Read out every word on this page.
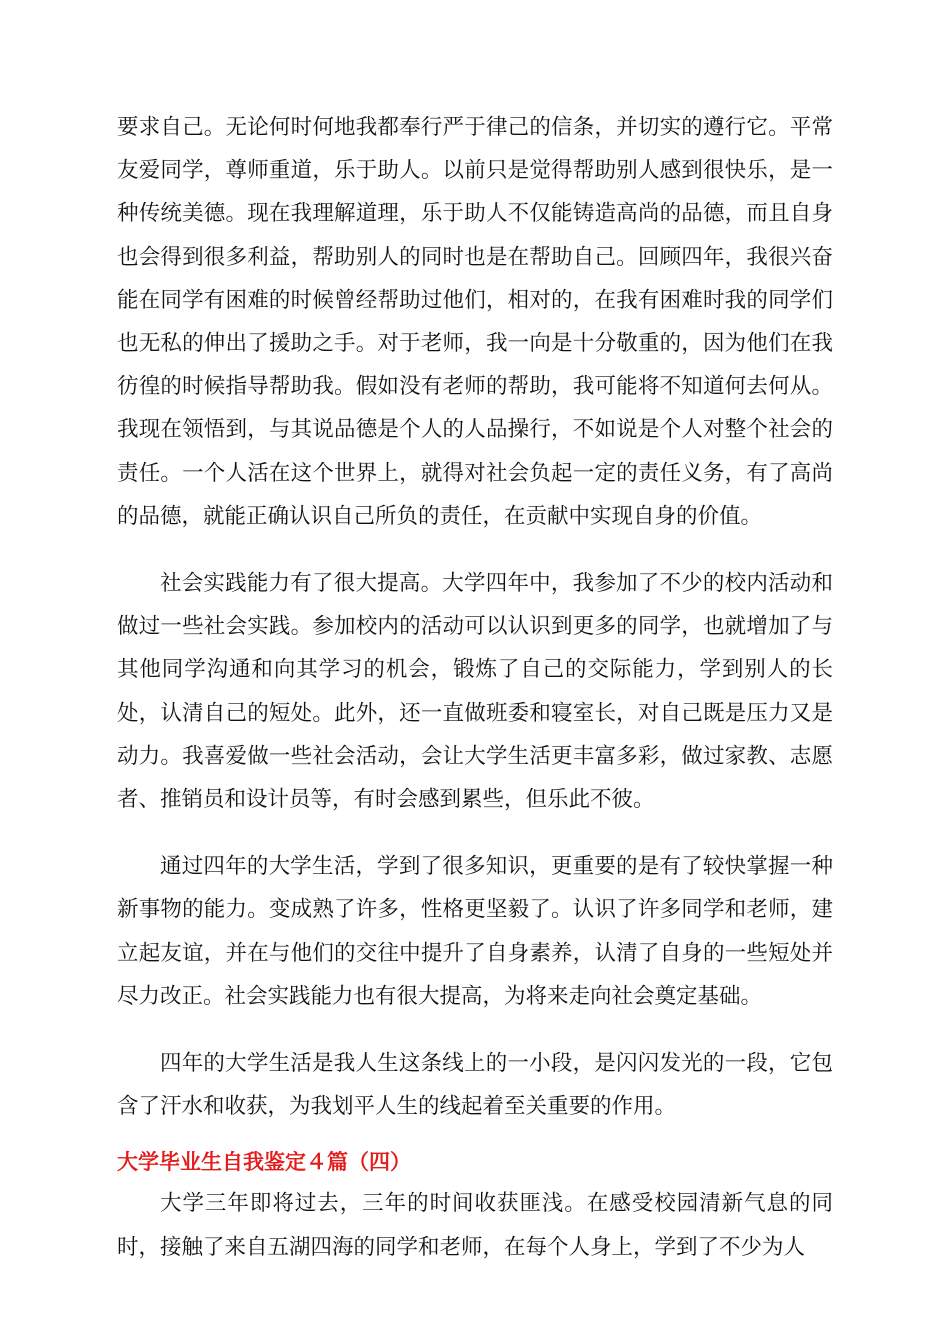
要求自己。无论何时何地我都奉行严于律己的信条，并切实的遵行它。平常友爱同学，尊师重道，乐于助人。以前只是觉得帮助别人感到很快乐，是一种传统美德。现在我理解道理，乐于助人不仅能铸造高尚的品德，而且自身也会得到很多利益，帮助别人的同时也是在帮助自己。回顾四年，我很兴奋能在同学有困难的时候曾经帮助过他们，相对的，在我有困难时我的同学们也无私的伸出了援助之手。对于老师，我一向是十分敬重的，因为他们在我彷徨的时候指导帮助我。假如没有老师的帮助，我可能将不知道何去何从。我现在领悟到，与其说品德是个人的人品操行，不如说是个人对整个社会的责任。一个人活在这个世界上，就得对社会负起一定的责任义务，有了高尚的品德，就能正确认识自己所负的责任，在贡献中实现自身的价值。

社会实践能力有了很大提高。大学四年中，我参加了不少的校内活动和做过一些社会实践。参加校内的活动可以认识到更多的同学，也就增加了与其他同学沟通和向其学习的机会，锻炼了自己的交际能力，学到别人的长处，认清自己的短处。此外，还一直做班委和寝室长，对自己既是压力又是动力。我喜爱做一些社会活动，会让大学生活更丰富多彩，做过家教、志愿者、推销员和设计员等，有时会感到累些，但乐此不彼。

通过四年的大学生活，学到了很多知识，更重要的是有了较快掌握一种新事物的能力。变成熟了许多，性格更坚毅了。认识了许多同学和老师，建立起友谊，并在与他们的交往中提升了自身素养，认清了自身的一些短处并尽力改正。社会实践能力也有很大提高，为将来走向社会奠定基础。

四年的大学生活是我人生这条线上的一小段，是闪闪发光的一段，它包含了汗水和收获，为我划平人生的线起着至关重要的作用。

大学毕业生自我鉴定４篇（四）

大学三年即将过去，三年的时间收获匪浅。在感受校园清新气息的同时，接触了来自五湖四海的同学和老师，在每个人身上，学到了不少为人
